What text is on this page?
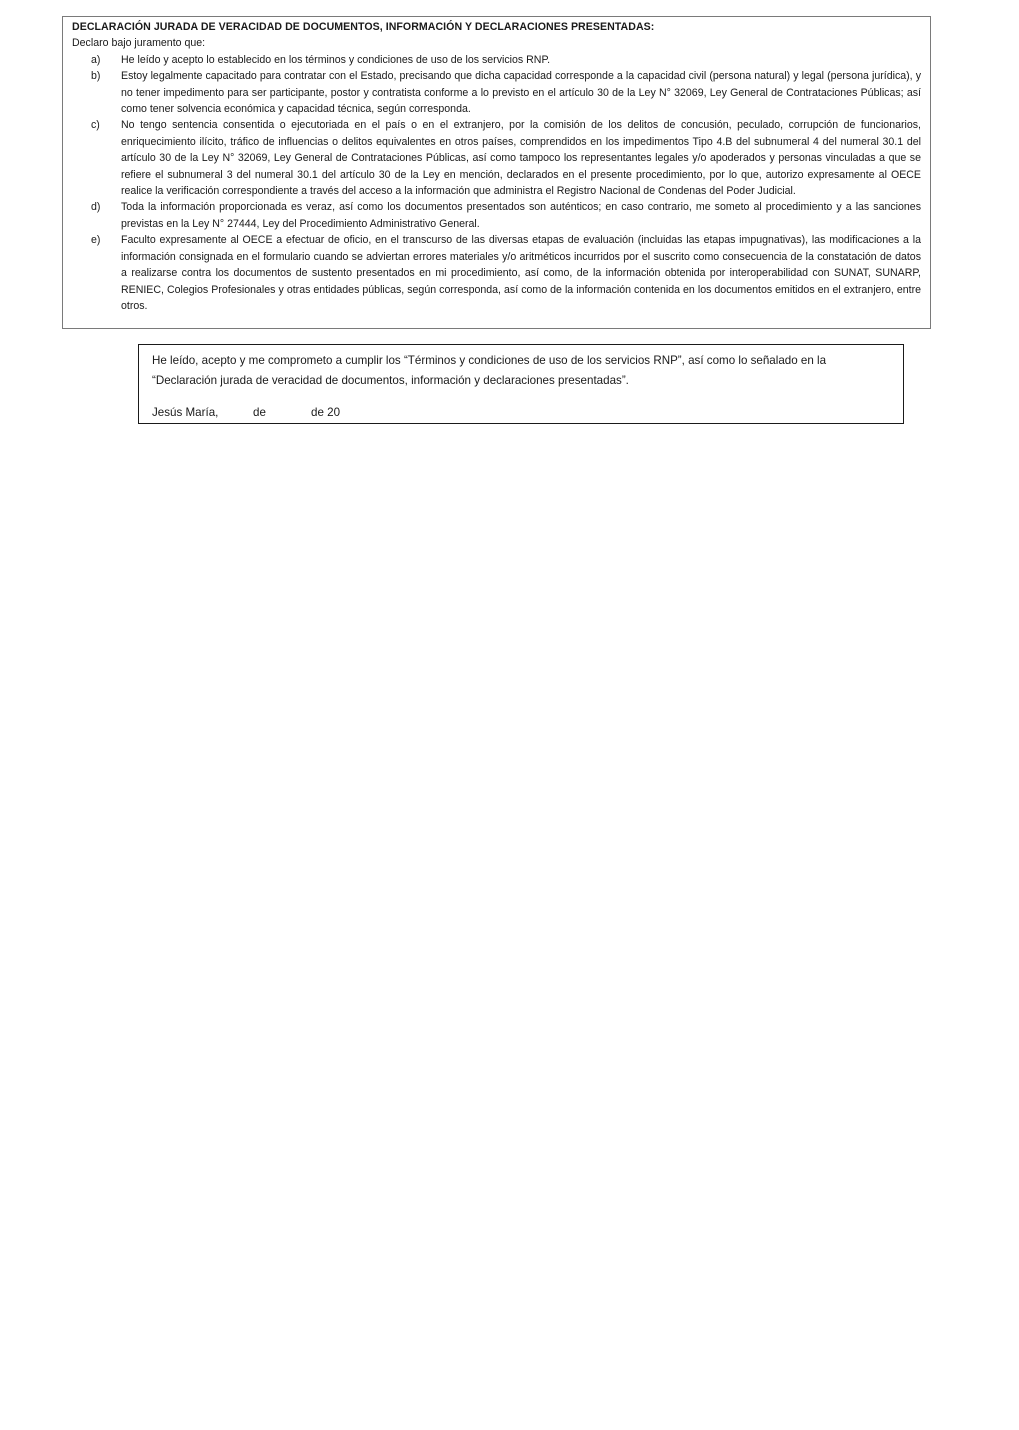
DECLARACIÓN JURADA DE VERACIDAD DE DOCUMENTOS, INFORMACIÓN Y DECLARACIONES PRESENTADAS:
Declaro bajo juramento que:
a)	He leído y acepto lo establecido en los términos y condiciones de uso de los servicios RNP.
b)	Estoy legalmente capacitado para contratar con el Estado, precisando que dicha capacidad corresponde a la capacidad civil (persona natural) y legal (persona jurídica), y no tener impedimento para ser participante, postor y contratista conforme a lo previsto en el artículo 30 de la Ley N° 32069, Ley General de Contrataciones Públicas; así como tener solvencia económica y capacidad técnica, según corresponda.
c)	No tengo sentencia consentida o ejecutoriada en el país o en el extranjero, por la comisión de los delitos de concusión, peculado, corrupción de funcionarios, enriquecimiento ilícito, tráfico de influencias o delitos equivalentes en otros países, comprendidos en los impedimentos Tipo 4.B del subnumeral 4 del numeral 30.1 del artículo 30 de la Ley N° 32069, Ley General de Contrataciones Públicas, así como tampoco los representantes legales y/o apoderados y personas vinculadas a que se refiere el subnumeral 3 del numeral 30.1 del artículo 30 de la Ley en mención, declarados en el presente procedimiento, por lo que, autorizo expresamente al OECE realice la verificación correspondiente a través del acceso a la información que administra el Registro Nacional de Condenas del Poder Judicial.
d)	Toda la información proporcionada es veraz, así como los documentos presentados son auténticos; en caso contrario, me someto al procedimiento y a las sanciones previstas en la Ley N° 27444, Ley del Procedimiento Administrativo General.
e)	Faculto expresamente al OECE a efectuar de oficio, en el transcurso de las diversas etapas de evaluación (incluidas las etapas impugnativas), las modificaciones a la información consignada en el formulario cuando se adviertan errores materiales y/o aritméticos incurridos por el suscrito como consecuencia de la constatación de datos a realizarse contra los documentos de sustento presentados en mi procedimiento, así como, de la información obtenida por interoperabilidad con SUNAT, SUNARP, RENIEC, Colegios Profesionales y otras entidades públicas, según corresponda, así como de la información contenida en los documentos emitidos en el extranjero, entre otros.

He leído, acepto y me comprometo a cumplir los “Términos y condiciones de uso de los servicios RNP”, así como lo señalado en la “Declaración jurada de veracidad de documentos, información y declaraciones presentadas”.

Jesús María,	de	de 20
